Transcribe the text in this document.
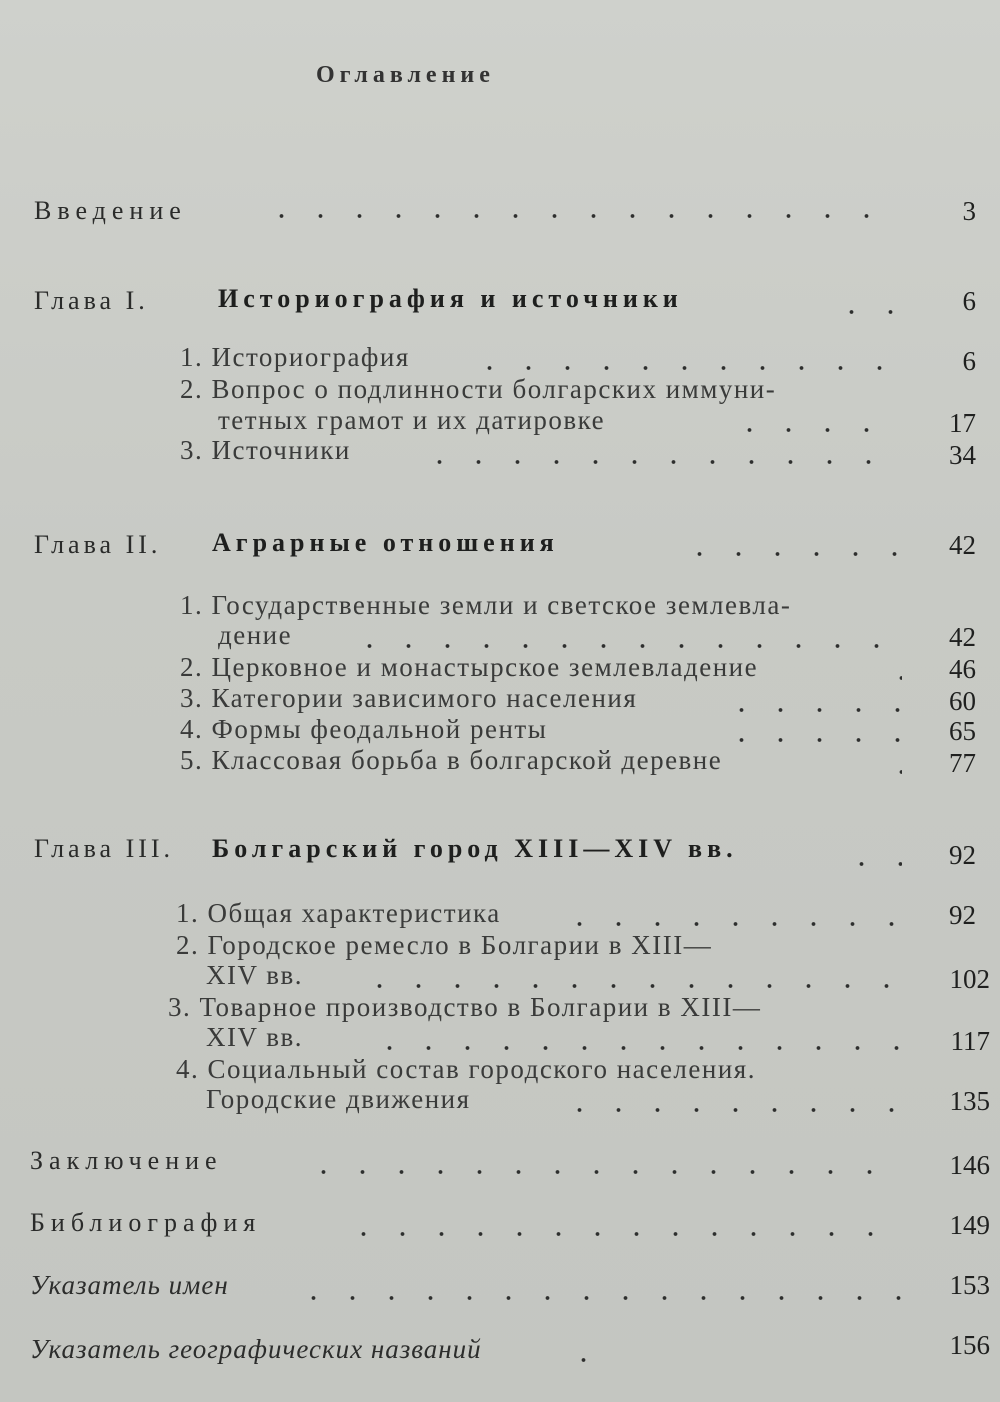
Оглавление
Введение	3
Глава I.	Историография и источники	6
1. Историография	6
2. Вопрос о подлинности болгарских иммуни-
тетных грамот и их датировке	17
3. Источники	34
Глава II. Аграрные отношения	42
1. Государственные земли и светское землевла-
дение	42
2. Церковное и монастырское землевладение	46
3. Категории зависимого населения	60
4. Формы феодальной ренты	65
5. Классовая борьба в болгарской деревне	77
Глава III. Болгарский город XIII—XIV вв.	92
1. Общая характеристика	92
2. Городское ремесло в Болгарии в XIII—
XIV вв.	102
3. Товарное производство в Болгарии в XIII—
XIV вв.	117
4. Социальный состав городского населения.
Городские движения	135
Заключение	146
Библиография	149
Указатель имен	153
Указатель географических названий	156
